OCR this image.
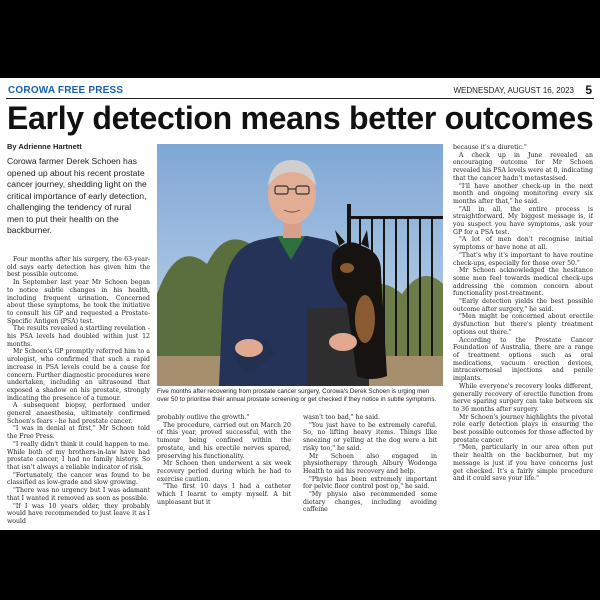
COROWA FREE PRESS	WEDNESDAY, AUGUST 16, 2023 5
Early detection means better outcomes
By Adrienne Hartnett
Corowa farmer Derek Schoen has opened up about his recent prostate cancer journey, shedding light on the critical importance of early detection, challenging the tendency of rural men to put their health on the backburner.

Four months after his surgery, the 63-year-old says early detection has given him the best possible outcome.

In September last year Mr Schoen began to notice subtle changes in his health, including frequent urination. Concerned about these symptoms, he took the initiative to consult his GP and requested a Prostate-Specific Antigen (PSA) test.

The results revealed a startling revelation - his PSA levels had doubled within just 12 months.

Mr Schoen's GP promptly referred him to a urologist, who confirmed that such a rapid increase in PSA levels could be a cause for concern. Further diagnostic procedures were undertaken, including an ultrasound that exposed a shadow on his prostate, strongly indicating the presence of a tumour.

A subsequent biopsy, performed under general anaesthesia, ultimately confirmed Schoen's fears - he had prostate cancer.

"I was in denial at first," Mr Schoen told the Free Press.

"I really didn't think it could happen to me. While both of my brothers-in-law have had prostate cancer, I had no family history. So that isn't always a reliable indicator of risk.

"Fortunately, the cancer was found to be classified as low-grade and slow growing.

"There was no urgency but I was adamant that I wanted it removed as soon as possible.

"If I was 10 years older, they probably would have recommended to just leave it as I would

Five months after recovering from prostate cancer surgery, Corowa's Derek Schoen is urging men over 50 to prioritise their annual prostate screening or get checked if they notice in subtle symptoms.

probably outlive the growth."

The procedure, carried out on March 20 of this year, proved successful, with the tumour being confined within the prostate, and his erectile nerves spared, preserving his functionality.

Mr Schoen then underwent a six week recovery period during which he had to exercise caution.

"The first 10 days I had a catheter which I learnt to empty myself. A bit unpleasant but it

wasn't too bad," he said.

"You just have to be extremely careful. So, no lifting heavy items. Things like sneezing or yelling at the dog were a bit risky too," he said.

Mr Schoen also engaged in physiotherapy through Albury Wodonga Health to aid his recovery and help.

"Physio has been extremely important for pelvic floor control post op," he said.

"My physio also recommended some dietary changes, including avoiding caffeine

because it's a diuretic."

A check up in June revealed an encouraging outcome for Mr Schoen revealed his PSA levels were at 0, indicating that the cancer hadn't metastasised.

"I'll have another check-up in the next month and ongoing monitoring every six months after that," he said.

"All in all, the entire process is straightforward. My biggest message is, if you suspect you have symptoms, ask your GP for a PSA test.

"A lot of men don't recognise initial symptoms or have none at all.

"That's why it's important to have routine check-ups, especially for those over 50."

Mr Schoen acknowledged the hesitance some men feel towards medical check-ups addressing the common concern about functionality post-treatment.

"Early detection yields the best possible outcome after surgery," he said.

"Men might be concerned about erectile dysfunction but there's plenty treatment options out there."

According to the Prostate Cancer Foundation of Australia, there are a range of treatment options such as oral medications, vacuum erection devices, intracavernosal injections and penile implants.

While everyone's recovery looks different, generally recovery of erectile function from nerve sparing surgery can take between six to 36 months after surgery.

Mr Schoen's journey highlights the pivotal role early detection plays in ensuring the best possible outcomes for those affected by prostate cancer.

"Men, particularly in our area often put their health on the backburner, but my message is just if you have concerns just get checked. It's a fairly simple procedure and it could save your life."
